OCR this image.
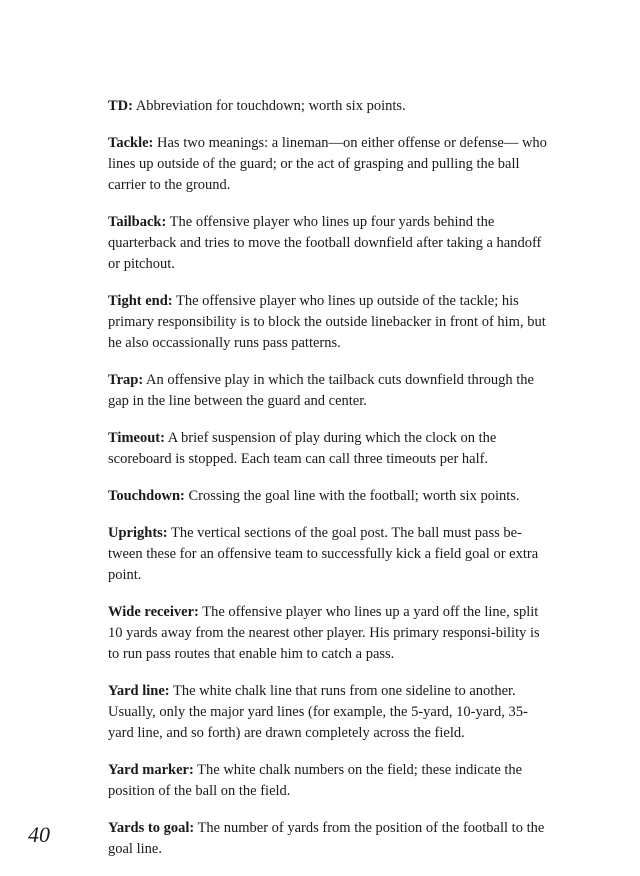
TD: Abbreviation for touchdown; worth six points.

Tackle: Has two meanings: a lineman—on either offense or defense— who lines up outside of the guard; or the act of grasping and pulling the ball carrier to the ground.

Tailback: The offensive player who lines up four yards behind the quarterback and tries to move the football downfield after taking a handoff or pitchout.

Tight end: The offensive player who lines up outside of the tackle; his primary responsibility is to block the outside linebacker in front of him, but he also occassionally runs pass patterns.

Trap: An offensive play in which the tailback cuts downfield through the gap in the line between the guard and center.

Timeout: A brief suspension of play during which the clock on the scoreboard is stopped. Each team can call three timeouts per half.

Touchdown: Crossing the goal line with the football; worth six points.

Uprights: The vertical sections of the goal post. The ball must pass be-tween these for an offensive team to successfully kick a field goal or extra point.

Wide receiver: The offensive player who lines up a yard off the line, split 10 yards away from the nearest other player. His primary responsi-bility is to run pass routes that enable him to catch a pass.

Yard line: The white chalk line that runs from one sideline to another. Usually, only the major yard lines (for example, the 5-yard, 10-yard, 35-yard line, and so forth) are drawn completely across the field.

Yard marker: The white chalk numbers on the field; these indicate the position of the ball on the field.

Yards to goal: The number of yards from the position of the football to the goal line.

40
